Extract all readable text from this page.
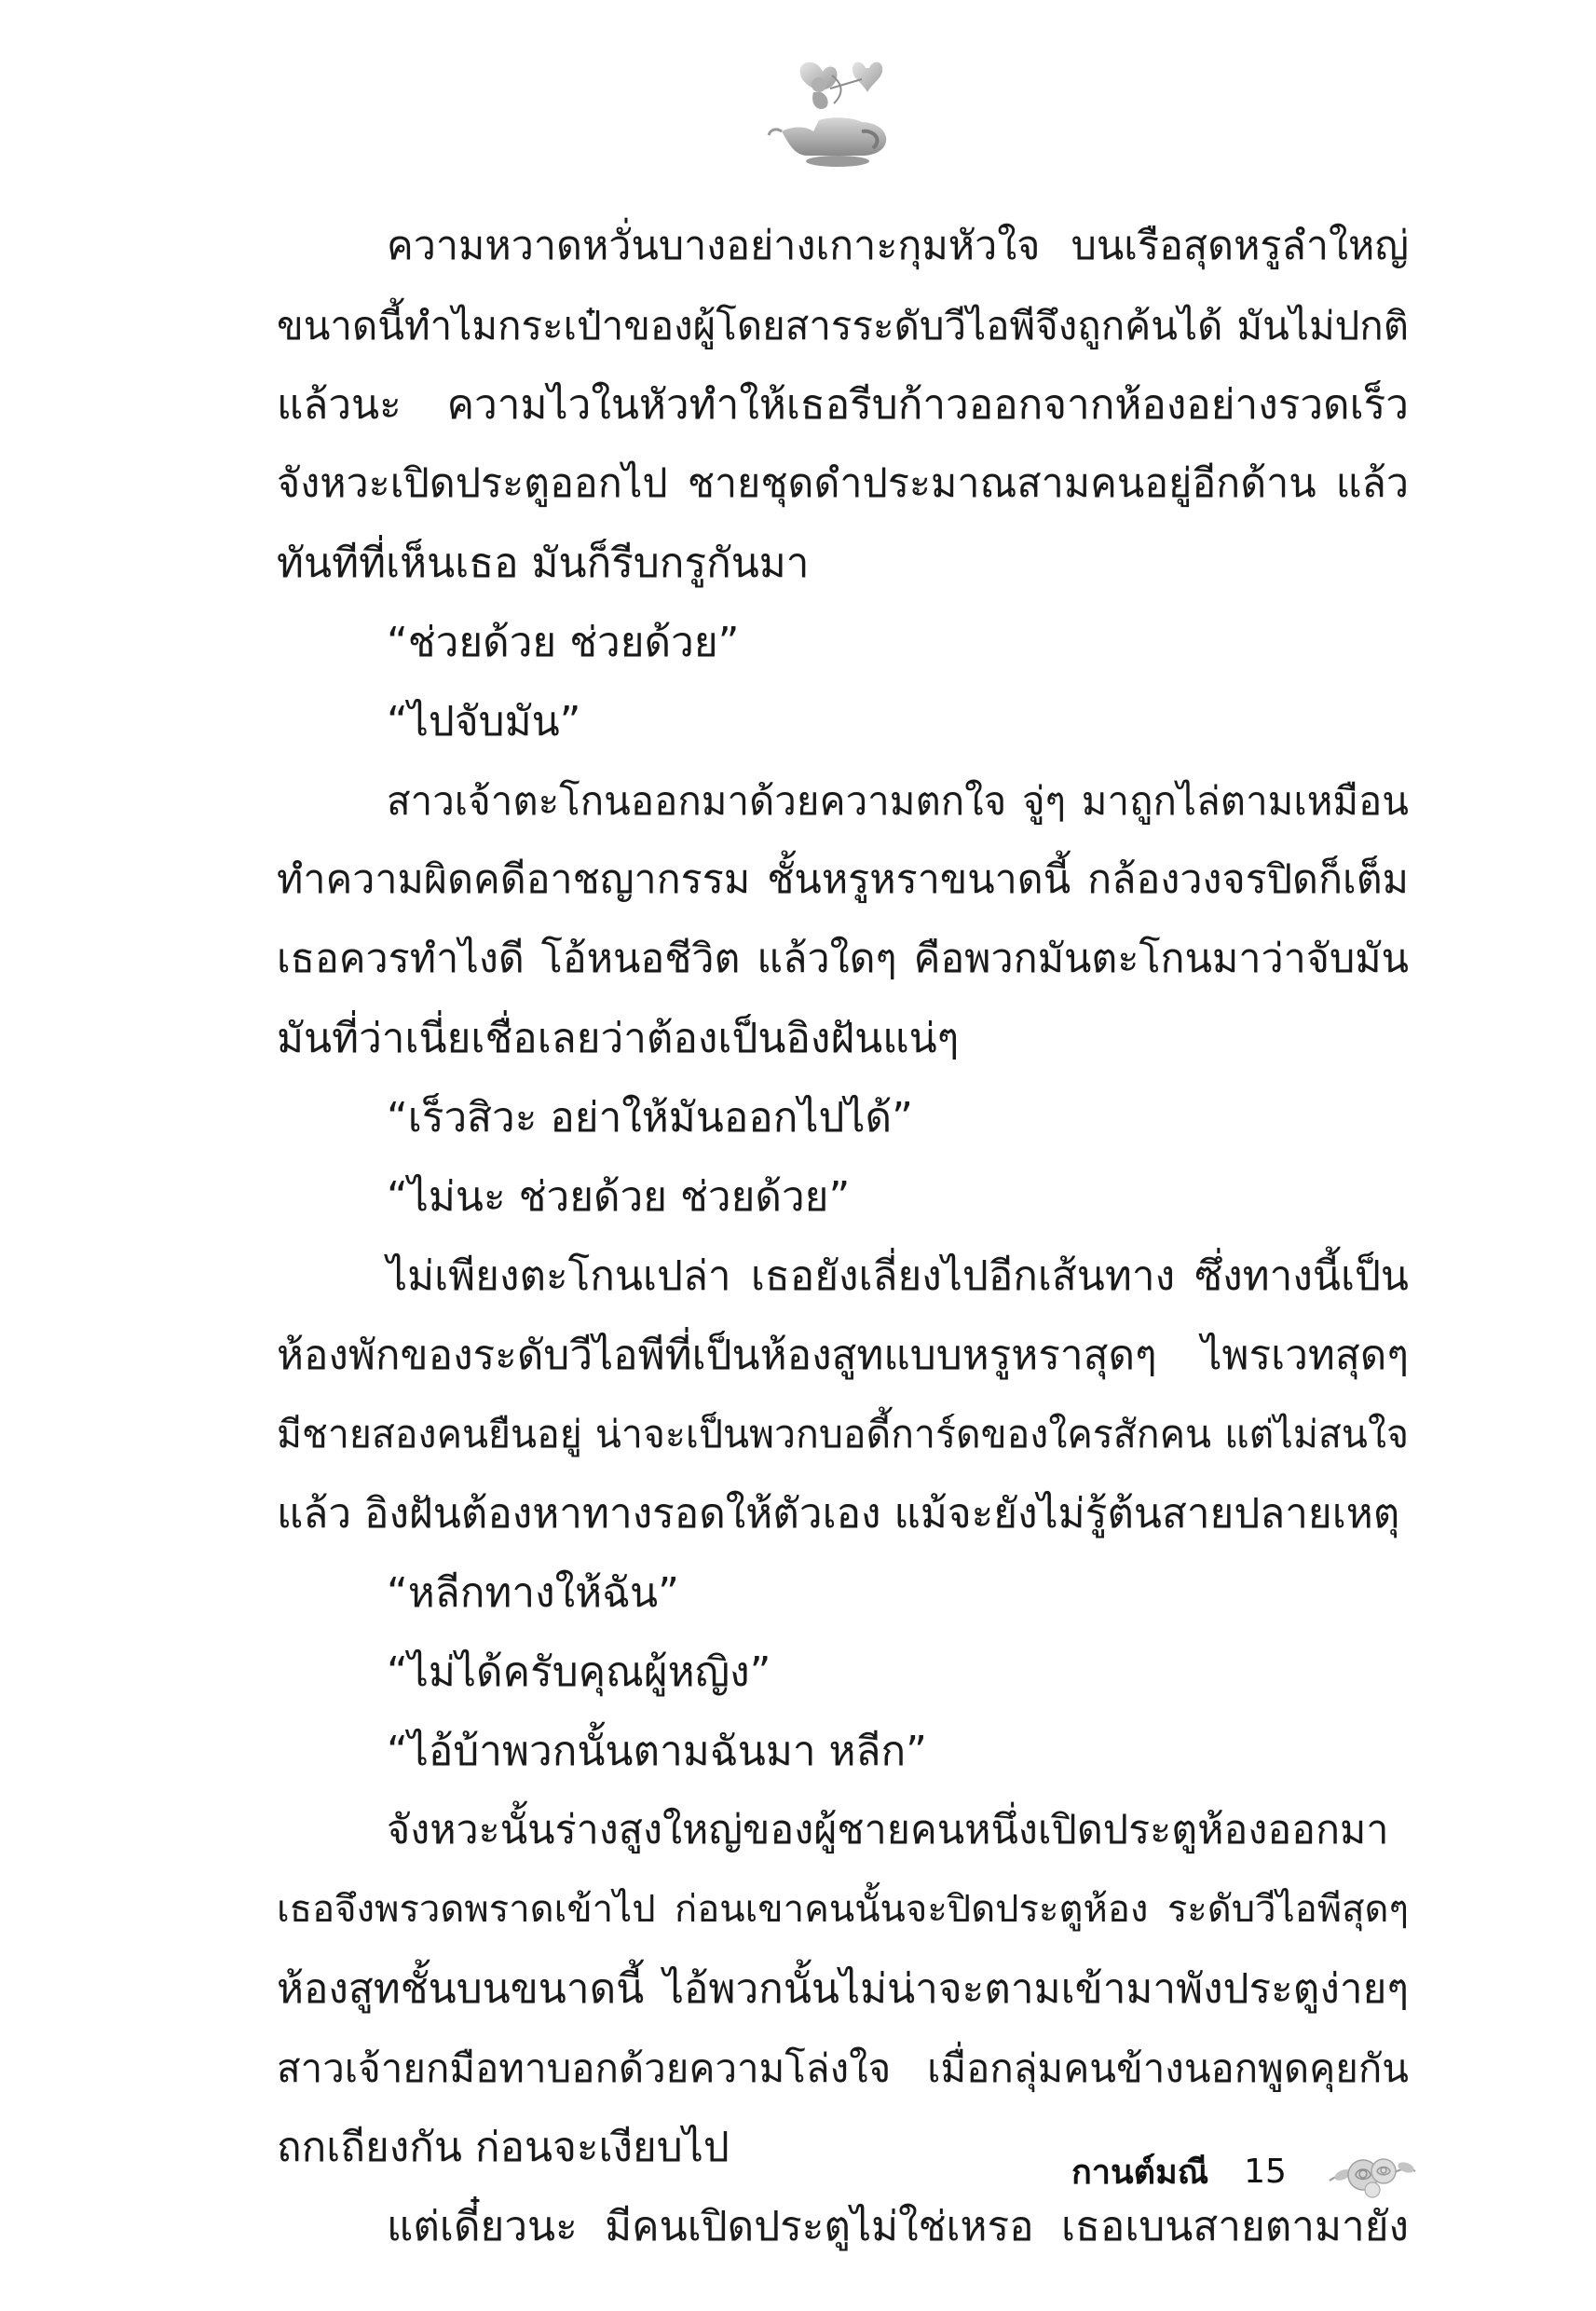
ความหวาดหวั่นบางอย่างเกาะกุมหัวใจ บนเรือสุดหรูลำใหญ่
ขนาดนี้ทำไมกระเป๋าของผู้โดยสารระดับวีไอพีจึงถูกค้นได้ มันไม่ปกติ
แล้วนะ ความไวในหัวทำให้เธอรีบก้าวออกจากห้องอย่างรวดเร็ว
จังหวะเปิดประตูออกไป ชายชุดดำประมาณสามคนอยู่อีกด้าน แล้ว
ทันทีที่เห็นเธอ มันก็รีบกรูกันมา
“ช่วยด้วย ช่วยด้วย”
“ไปจับมัน”
สาวเจ้าตะโกนออกมาด้วยความตกใจ จู่ๆ มาถูกไล่ตามเหมือน
ทำความผิดคดีอาชญากรรม ชั้นหรูหราขนาดนี้ กล้องวงจรปิดก็เต็ม
เธอควรทำไงดี โอ้หนอชีวิต แล้วใดๆ คือพวกมันตะโกนมาว่าจับมัน
มันที่ว่าเนี่ยเชื่อเลยว่าต้องเป็นอิงฝันแน่ๆ
“เร็วสิวะ อย่าให้มันออกไปได้”
“ไม่นะ ช่วยด้วย ช่วยด้วย”
ไม่เพียงตะโกนเปล่า เธอยังเลี่ยงไปอีกเส้นทาง ซึ่งทางนี้เป็น
ห้องพักของระดับวีไอพีที่เป็นห้องสูทแบบหรูหราสุดๆ ไพรเวทสุดๆ
มีชายสองคนยืนอยู่ น่าจะเป็นพวกบอดี้การ์ดของใครสักคน แต่ไม่สนใจ
แล้ว อิงฝันต้องหาทางรอดให้ตัวเอง แม้จะยังไม่รู้ต้นสายปลายเหตุ
“หลีกทางให้ฉัน”
“ไม่ได้ครับคุณผู้หญิง”
“ไอ้บ้าพวกนั้นตามฉันมา หลีก”
จังหวะนั้นร่างสูงใหญ่ของผู้ชายคนหนึ่งเปิดประตูห้องออกมา
เธอจึงพรวดพราดเข้าไป ก่อนเขาคนนั้นจะปิดประตูห้อง ระดับวีไอพีสุดๆ
ห้องสูทชั้นบนขนาดนี้ ไอ้พวกนั้นไม่น่าจะตามเข้ามาพังประตูง่ายๆ
สาวเจ้ายกมือทาบอกด้วยความโล่งใจ เมื่อกลุ่มคนข้างนอกพูดคุยกัน
ถกเถียงกัน ก่อนจะเงียบไป
แต่เดี๋ยวนะ มีคนเปิดประตูไม่ใช่เหรอ เธอเบนสายตามายัง
กานต์มณี 15
